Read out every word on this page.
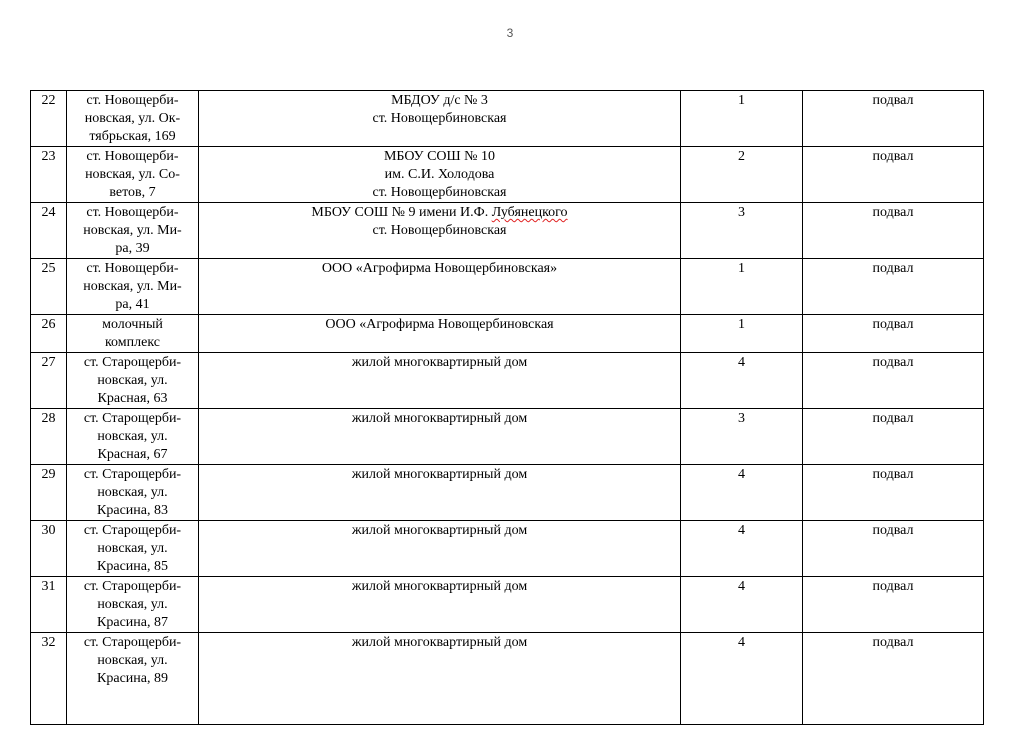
3
22	ст. Новощерби-
новская, ул. Ок-
тябрьская, 169	МБДОУ д/с № 3
ст. Новощербиновская	1	подвал
23	ст. Новощерби-
новская, ул. Со-
ветов, 7	МБОУ СОШ № 10
им. С.И. Холодова
ст. Новощербиновская	2	подвал
24	ст. Новощерби-
новская, ул. Ми-
ра, 39	МБОУ СОШ № 9 имени И.Ф. Лубянецкого
ст. Новощербиновская	3	подвал
25	ст. Новощерби-
новская, ул. Ми-
ра, 41	ООО «Агрофирма Новощербиновская»	1	подвал
26	молочный
комплекс	ООО «Агрофирма Новощербиновская	1	подвал
27	ст. Старощерби-
новская, ул.
Красная, 63	жилой многоквартирный дом	4	подвал
28	ст. Старощерби-
новская, ул.
Красная, 67	жилой многоквартирный дом	3	подвал
29	ст. Старощерби-
новская, ул.
Красина, 83	жилой многоквартирный дом	4	подвал
30	ст. Старощерби-
новская, ул.
Красина, 85	жилой многоквартирный дом	4	подвал
31	ст. Старощерби-
новская, ул.
Красина, 87	жилой многоквартирный дом	4	подвал
32	ст. Старощерби-
новская, ул.
Красина, 89	жилой многоквартирный дом	4	подвал
